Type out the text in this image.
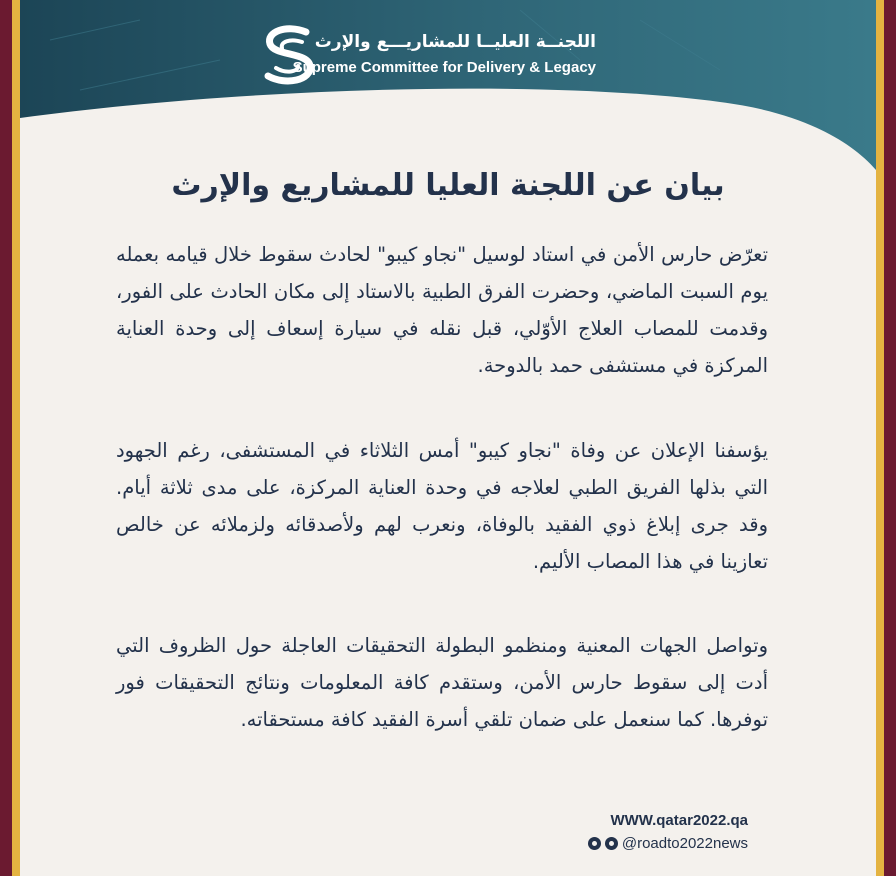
اللجنــة العليــا للمشاريـــع والإرث
Supreme Committee for Delivery & Legacy
بيان عن اللجنة العليا للمشاريع والإرث
تعرّض حارس الأمن في استاد لوسيل "نجاو كيبو" لحادث سقوط خلال قيامه بعمله يوم السبت الماضي، وحضرت الفرق الطبية بالاستاد إلى مكان الحادث على الفور، وقدمت للمصاب العلاج الأوّلي، قبل نقله في سيارة إسعاف إلى وحدة العناية المركزة في مستشفى حمد بالدوحة.
يؤسفنا الإعلان عن وفاة "نجاو كيبو" أمس الثلاثاء في المستشفى، رغم الجهود التي بذلها الفريق الطبي لعلاجه في وحدة العناية المركزة، على مدى ثلاثة أيام. وقد جرى إبلاغ ذوي الفقيد بالوفاة، ونعرب لهم ولأصدقائه ولزملائه عن خالص تعازينا في هذا المصاب الأليم.
وتواصل الجهات المعنية ومنظمو البطولة التحقيقات العاجلة حول الظروف التي أدت إلى سقوط حارس الأمن، وستقدم كافة المعلومات ونتائج التحقيقات فور توفرها. كما سنعمل على ضمان تلقي أسرة الفقيد كافة مستحقاته.
WWW.qatar2022.qa
@roadto2022news
